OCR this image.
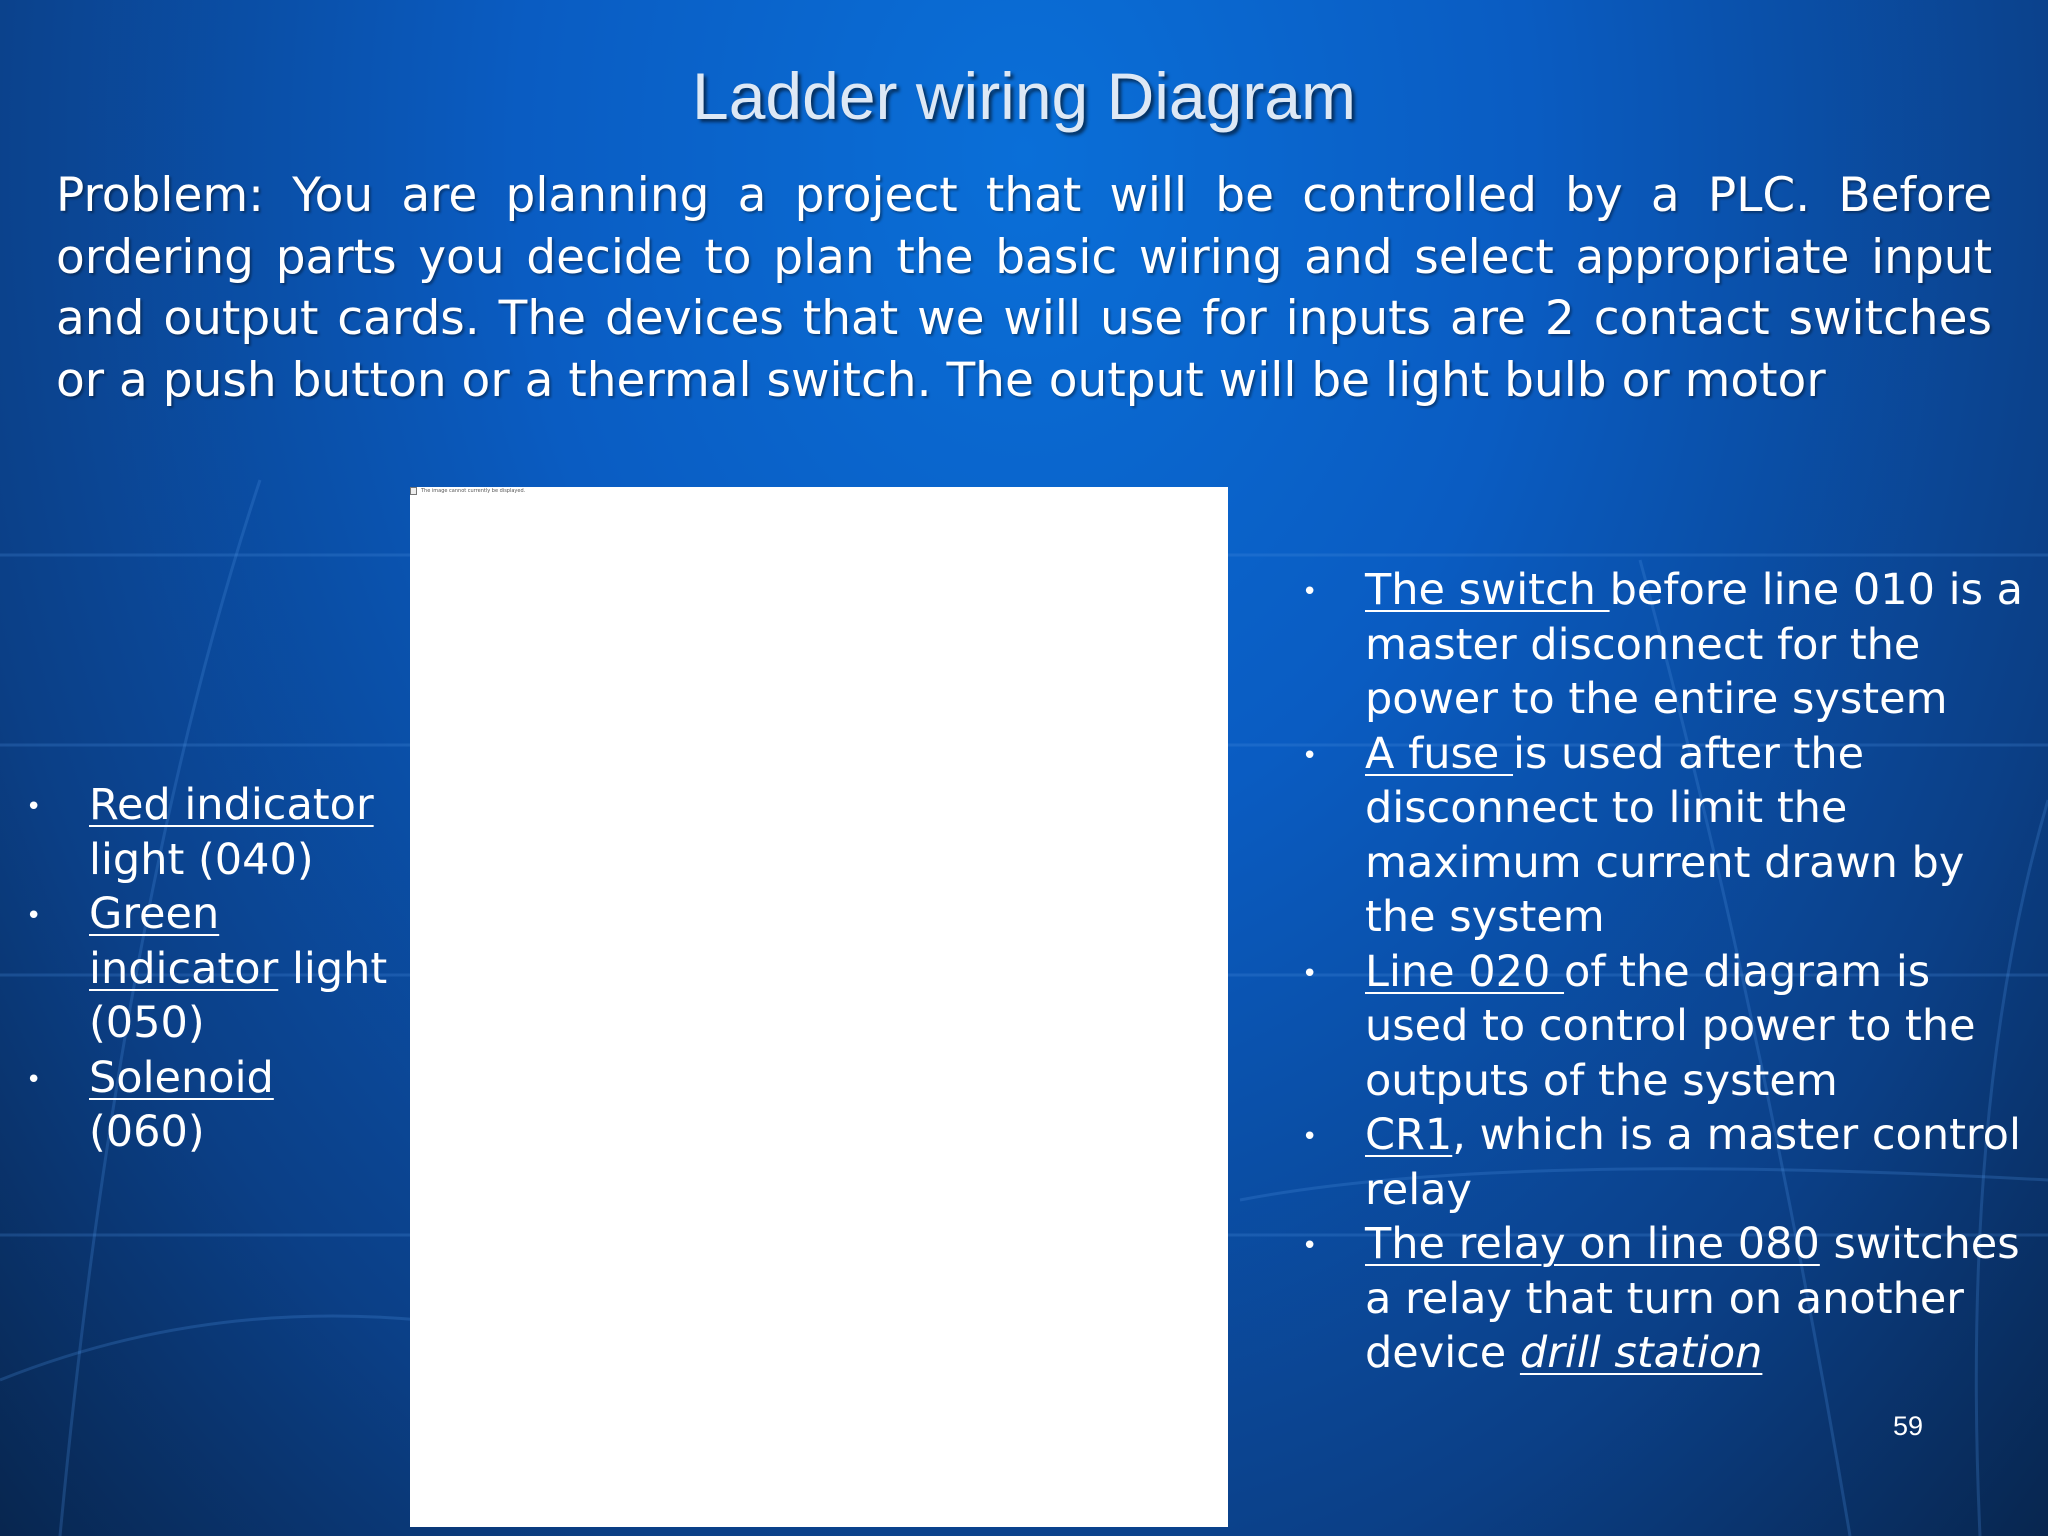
Ladder wiring Diagram

Problem: You are planning a project that will be controlled by a PLC. Before ordering parts you decide to plan the basic wiring and select appropriate input and output cards. The devices that we will use for inputs are 2 contact switches or a push button or a thermal switch. The output will be light bulb or motor

• Red indicator light (040)
• Green indicator light (050)
• Solenoid (060)
The image cannot currently be displayed.
• The switch before line 010 is a master disconnect for the power to the entire system
• A fuse is used after the disconnect to limit the maximum current drawn by the system
• Line 020 of the diagram is used to control power to the outputs of the system
• CR1, which is a master control relay
• The relay on line 080 switches a relay that turn on another device drill station
59
